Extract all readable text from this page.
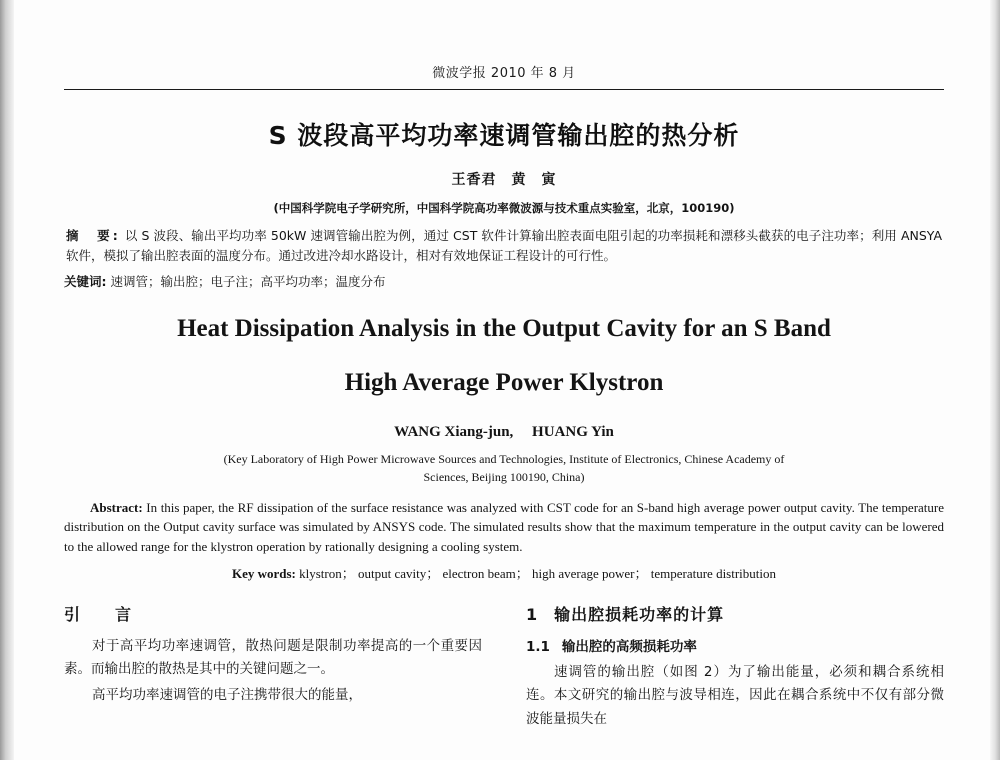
微波学报 2010 年 8 月
S 波段高平均功率速调管输出腔的热分析
王香君　黄　寅
(中国科学院电子学研究所，中国科学院高功率微波源与技术重点实验室，北京，100190)
摘　要: 以 S 波段、输出平均功率 50kW 速调管输出腔为例，通过 CST 软件计算输出腔表面电阻引起的功率损耗和漂移头截获的电子注功率；利用 ANSYA 软件，模拟了输出腔表面的温度分布。通过改进冷却水路设计，相对有效地保证工程设计的可行性。
关键词: 速调管；输出腔；电子注；高平均功率；温度分布
Heat Dissipation Analysis in the Output Cavity for an S Band
High Average Power Klystron
WANG Xiang-jun,　 HUANG Yin
(Key Laboratory of High Power Microwave Sources and Technologies, Institute of Electronics, Chinese Academy of
Sciences, Beijing 100190, China)
Abstract: In this paper, the RF dissipation of the surface resistance was analyzed with CST code for an S-band high average power output cavity. The temperature distribution on the Output cavity surface was simulated by ANSYS code. The simulated results show that the maximum temperature in the output cavity can be lowered to the allowed range for the klystron operation by rationally designing a cooling system.
Key words: klystron； output cavity； electron beam； high average power； temperature distribution
引　　言

对于高平均功率速调管，散热问题是限制功率提高的一个重要因素。而输出腔的散热是其中的关键问题之一。

高平均功率速调管的电子注携带很大的能量，

1 输出腔损耗功率的计算
1.1 输出腔的高频损耗功率

速调管的输出腔（如图 2）为了输出能量，必须和耦合系统相连。本文研究的输出腔与波导相连，因此在耦合系统中不仅有部分微波能量损失在
